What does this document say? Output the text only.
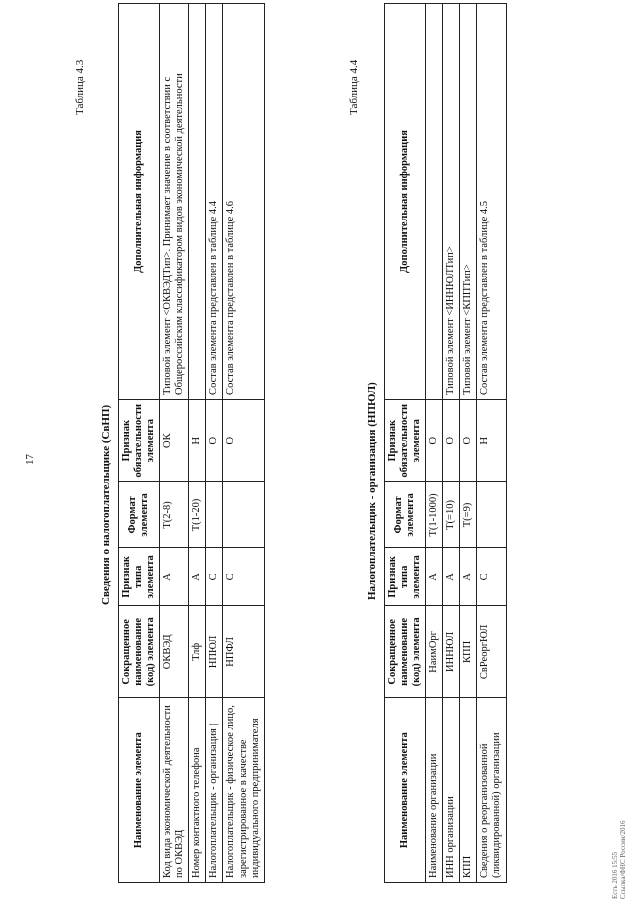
17
Таблица 4.3
Сведения о налогоплательщике (СвНП)
Наименование элемента	Сокращенное наименование (код) элемента	Признак типа элемента	Формат элемента	Признак обязательности элемента	Дополнительная информация
Код вида экономической деятельности по ОКВЭД	ОКВЭД	А	T(2-8)	ОК	Типовой элемент <ОКВЭДТип>. Принимает значение в соответствии с Общероссийским классификатором видов экономической деятельности
Номер контактного телефона	Тлф	А	T(1-20)	Н	
Налогоплательщик - организация |	НПЮЛ	С		О	Состав элемента представлен в таблице 4.4
Налогоплательщик - физическое лицо, зарегистрированное в качестве индивидуального предпринимателя	НПФЛ	С		О	Состав элемента представлен в таблице 4.6
Таблица 4.4
Налогоплательщик - организация (НПЮЛ)
Наименование элемента	Сокращенное наименование (код) элемента	Признак типа элемента	Формат элемента	Признак обязательности элемента	Дополнительная информация
Наименование организации	НаимОрг	А	T(1-1000)	О	
ИНН организации	ИННЮЛ	А	T(=10)	О	Типовой элемент <ИННЮЛТип>
КПП	КПП	А	T(=9)	О	Типовой элемент <КППТип>
Сведения о реорганизованной (ликвидированной) организации	СвРеоргЮЛ	С		Н	Состав элемента представлен в таблице 4.5
Есть 2016 15:55 Ссылка/ФНС России/2016
